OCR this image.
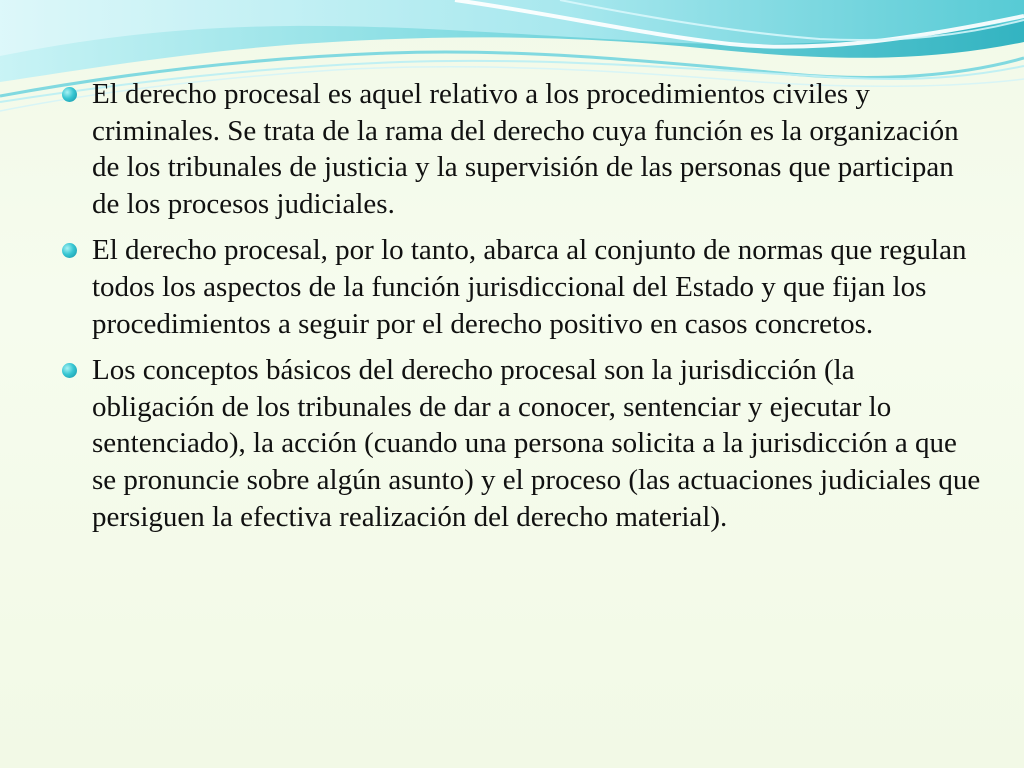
El derecho procesal es aquel relativo a los procedimientos civiles y criminales. Se trata de la rama del derecho cuya función es la organización de los tribunales de justicia y la supervisión de las personas que participan de los procesos judiciales.
El derecho procesal, por lo tanto, abarca al conjunto de normas que regulan todos los aspectos de la función jurisdiccional del Estado y que fijan los procedimientos a seguir por el derecho positivo en casos concretos.
Los conceptos básicos del derecho procesal son la jurisdicción (la obligación de los tribunales de dar a conocer, sentenciar y ejecutar lo sentenciado), la acción (cuando una persona solicita a la jurisdicción a que se pronuncie sobre algún asunto) y el proceso (las actuaciones judiciales que persiguen la efectiva realización del derecho material).
